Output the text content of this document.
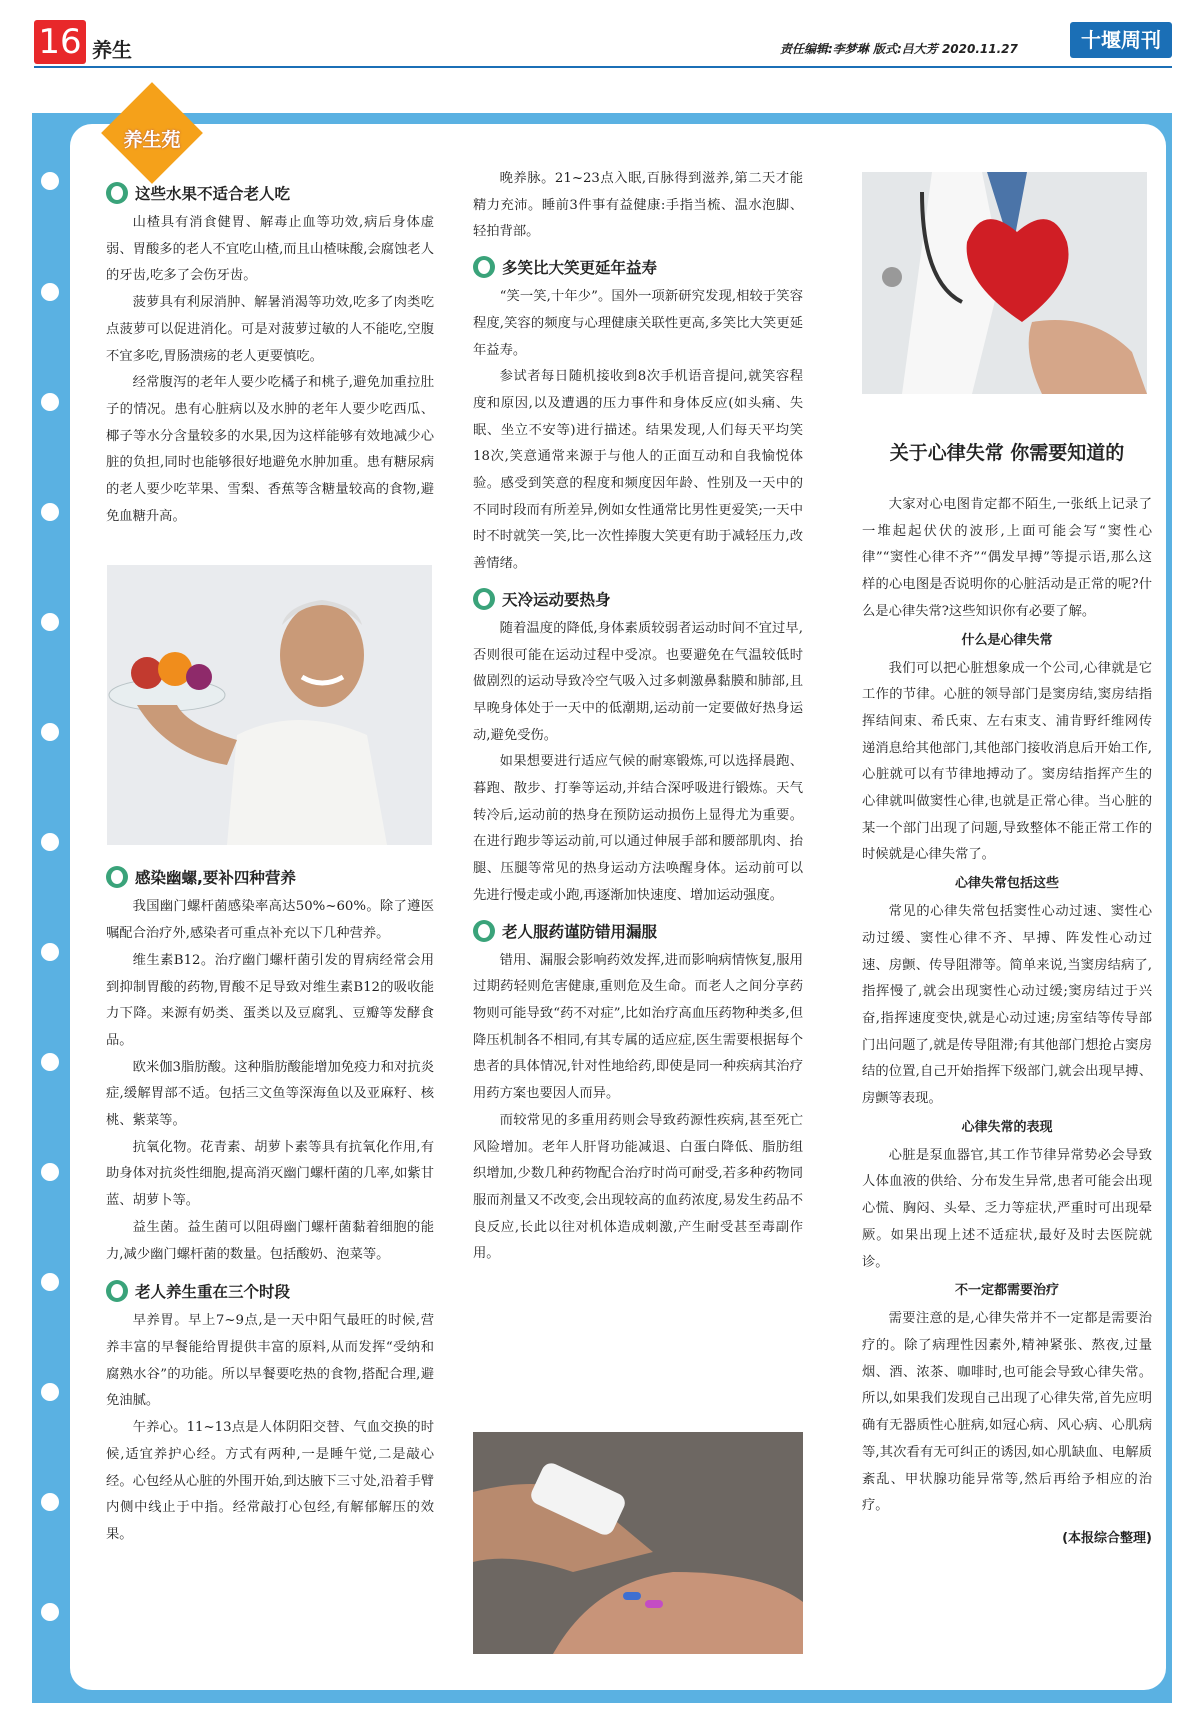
16 养生	责任编辑:李梦琳 版式:吕大芳 2020.11.27	十堰周刊
养生苑
这些水果不适合老人吃

山楂具有消食健胃、解毒止血等功效,病后身体虚弱、胃酸多的老人不宜吃山楂,而且山楂味酸,会腐蚀老人的牙齿,吃多了会伤牙齿。

菠萝具有利尿消肿、解暑消渴等功效,吃多了肉类吃点菠萝可以促进消化。可是对菠萝过敏的人不能吃,空腹不宜多吃,胃肠溃疡的老人更要慎吃。

经常腹泻的老年人要少吃橘子和桃子,避免加重拉肚子的情况。患有心脏病以及水肿的老年人要少吃西瓜、椰子等水分含量较多的水果,因为这样能够有效地减少心脏的负担,同时也能够很好地避免水肿加重。患有糖尿病的老人要少吃苹果、雪梨、香蕉等含糖量较高的食物,避免血糖升高。

感染幽螺,要补四种营养

我国幽门螺杆菌感染率高达50%~60%。除了遵医嘱配合治疗外,感染者可重点补充以下几种营养。

维生素B12。治疗幽门螺杆菌引发的胃病经常会用到抑制胃酸的药物,胃酸不足导致对维生素B12的吸收能力下降。来源有奶类、蛋类以及豆腐乳、豆瓣等发酵食品。

欧米伽3脂肪酸。这种脂肪酸能增加免疫力和对抗炎症,缓解胃部不适。包括三文鱼等深海鱼以及亚麻籽、核桃、紫菜等。

抗氧化物。花青素、胡萝卜素等具有抗氧化作用,有助身体对抗炎性细胞,提高消灭幽门螺杆菌的几率,如紫甘蓝、胡萝卜等。

益生菌。益生菌可以阻碍幽门螺杆菌黏着细胞的能力,减少幽门螺杆菌的数量。包括酸奶、泡菜等。

老人养生重在三个时段

早养胃。早上7~9点,是一天中阳气最旺的时候,营养丰富的早餐能给胃提供丰富的原料,从而发挥“受纳和腐熟水谷”的功能。所以早餐要吃热的食物,搭配合理,避免油腻。

午养心。11~13点是人体阴阳交替、气血交换的时候,适宜养护心经。方式有两种,一是睡午觉,二是敲心经。心包经从心脏的外围开始,到达腋下三寸处,沿着手臂内侧中线止于中指。经常敲打心包经,有解郁解压的效果。

晚养脉。21~23点入眠,百脉得到滋养,第二天才能精力充沛。睡前3件事有益健康:手指当梳、温水泡脚、轻拍背部。

多笑比大笑更延年益寿

“笑一笑,十年少”。国外一项新研究发现,相较于笑容程度,笑容的频度与心理健康关联性更高,多笑比大笑更延年益寿。

参试者每日随机接收到8次手机语音提问,就笑容程度和原因,以及遭遇的压力事件和身体反应(如头痛、失眠、坐立不安等)进行描述。结果发现,人们每天平均笑18次,笑意通常来源于与他人的正面互动和自我愉悦体验。感受到笑意的程度和频度因年龄、性别及一天中的不同时段而有所差异,例如女性通常比男性更爱笑;一天中时不时就笑一笑,比一次性捧腹大笑更有助于减轻压力,改善情绪。

天冷运动要热身

随着温度的降低,身体素质较弱者运动时间不宜过早,否则很可能在运动过程中受凉。也要避免在气温较低时做剧烈的运动导致冷空气吸入过多刺激鼻黏膜和肺部,且早晚身体处于一天中的低潮期,运动前一定要做好热身运动,避免受伤。

如果想要进行适应气候的耐寒锻炼,可以选择晨跑、暮跑、散步、打拳等运动,并结合深呼吸进行锻炼。天气转冷后,运动前的热身在预防运动损伤上显得尤为重要。在进行跑步等运动前,可以通过伸展手部和腰部肌肉、抬腿、压腿等常见的热身运动方法唤醒身体。运动前可以先进行慢走或小跑,再逐渐加快速度、增加运动强度。

老人服药谨防错用漏服

错用、漏服会影响药效发挥,进而影响病情恢复,服用过期药轻则危害健康,重则危及生命。而老人之间分享药物则可能导致“药不对症”,比如治疗高血压药物种类多,但降压机制各不相同,有其专属的适应症,医生需要根据每个患者的具体情况,针对性地给药,即使是同一种疾病其治疗用药方案也要因人而异。

而较常见的多重用药则会导致药源性疾病,甚至死亡风险增加。老年人肝肾功能减退、白蛋白降低、脂肪组织增加,少数几种药物配合治疗时尚可耐受,若多种药物同服而剂量又不改变,会出现较高的血药浓度,易发生药品不良反应,长此以往对机体造成刺激,产生耐受甚至毒副作用。

关于心律失常 你需要知道的

大家对心电图肯定都不陌生,一张纸上记录了一堆起起伏伏的波形,上面可能会写“窦性心律”“窦性心律不齐”“偶发早搏”等提示语,那么这样的心电图是否说明你的心脏活动是正常的呢?什么是心律失常?这些知识你有必要了解。

什么是心律失常

我们可以把心脏想象成一个公司,心律就是它工作的节律。心脏的领导部门是窦房结,窦房结指挥结间束、希氏束、左右束支、浦肯野纤维网传递消息给其他部门,其他部门接收消息后开始工作,心脏就可以有节律地搏动了。窦房结指挥产生的心律就叫做窦性心律,也就是正常心律。当心脏的某一个部门出现了问题,导致整体不能正常工作的时候就是心律失常了。

心律失常包括这些

常见的心律失常包括窦性心动过速、窦性心动过缓、窦性心律不齐、早搏、阵发性心动过速、房颤、传导阻滞等。简单来说,当窦房结病了,指挥慢了,就会出现窦性心动过缓;窦房结过于兴奋,指挥速度变快,就是心动过速;房室结等传导部门出问题了,就是传导阻滞;有其他部门想抢占窦房结的位置,自己开始指挥下级部门,就会出现早搏、房颤等表现。

心律失常的表现

心脏是泵血器官,其工作节律异常势必会导致人体血液的供给、分布发生异常,患者可能会出现心慌、胸闷、头晕、乏力等症状,严重时可出现晕厥。如果出现上述不适症状,最好及时去医院就诊。

不一定都需要治疗

需要注意的是,心律失常并不一定都是需要治疗的。除了病理性因素外,精神紧张、熬夜,过量烟、酒、浓茶、咖啡时,也可能会导致心律失常。所以,如果我们发现自己出现了心律失常,首先应明确有无器质性心脏病,如冠心病、风心病、心肌病等,其次看有无可纠正的诱因,如心肌缺血、电解质紊乱、甲状腺功能异常等,然后再给予相应的治疗。

(本报综合整理)
